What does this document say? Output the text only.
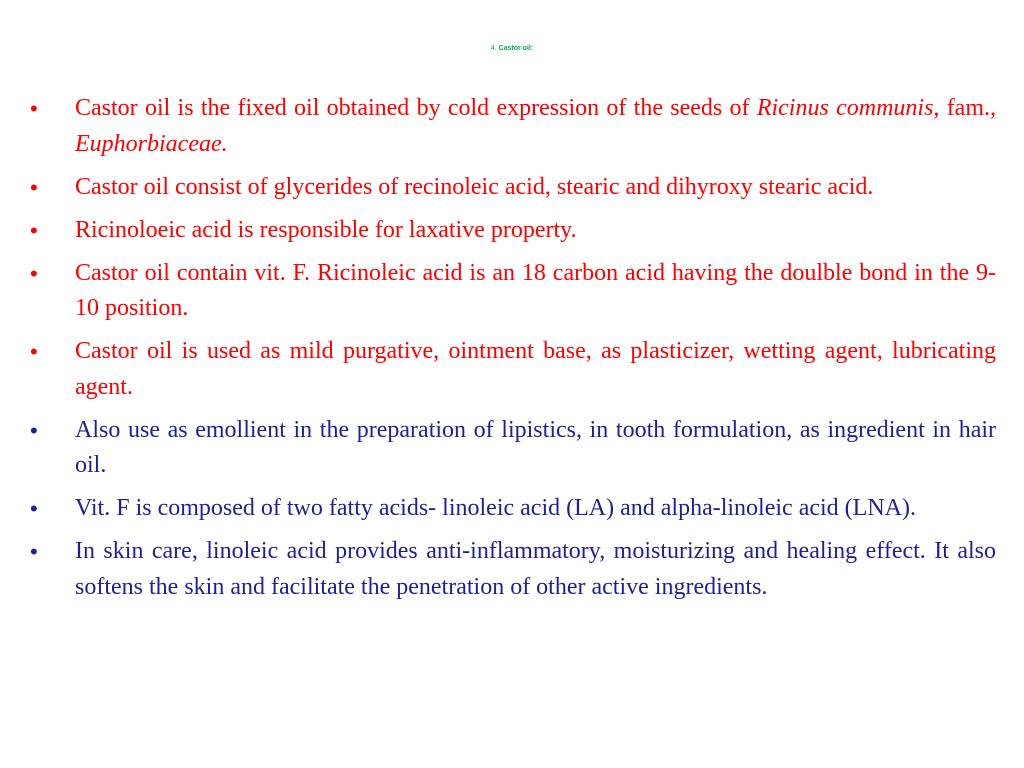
4. Castor oil:
• Castor oil is the fixed oil obtained by cold expression of the seeds of Ricinus communis, fam., Euphorbiaceae.
• Castor oil consist of glycerides of recinoleic acid, stearic and dihyroxy stearic acid.
• Ricinoloeic acid is responsible for laxative property.
• Castor oil contain vit. F. Ricinoleic acid is an 18 carbon acid having the doulble bond in the 9-10 position.
• Castor oil is used as mild purgative, ointment base, as plasticizer, wetting agent, lubricating agent.
• Also use as emollient in the preparation of lipistics, in tooth formulation, as ingredient in hair oil.
• Vit. F is composed of two fatty acids- linoleic acid (LA) and alpha-linoleic acid (LNA).
• In skin care, linoleic acid provides anti-inflammatory, moisturizing and healing effect. It also softens the skin and facilitate the penetration of other active ingredients.
